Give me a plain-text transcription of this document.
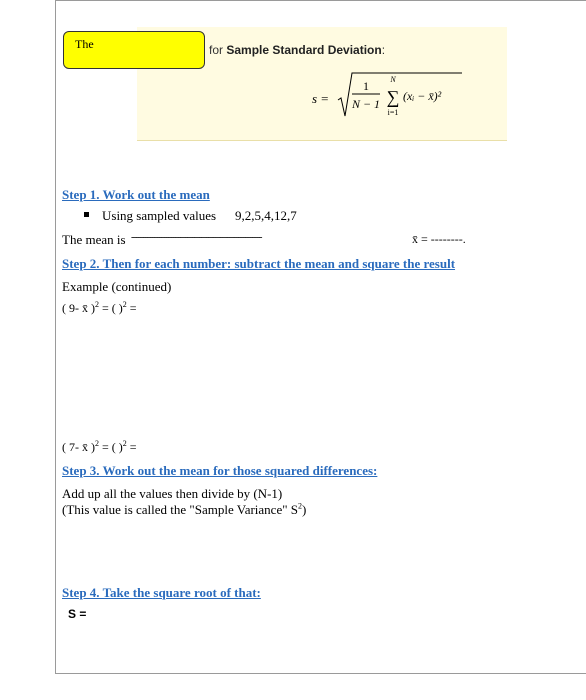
The	for Sample Standard Deviation:
s =
1
N − 1
N
∑
i=1
(xᵢ − x̄)²
Step 1. Work out the mean
Using sampled values 9,2,5,4,12,7
The mean is --------------------------------------------------------	x̄ = --------.
Step 2. Then for each number: subtract the mean and square the result
Example (continued)
( 9- x̄ )$^2$ = ( )$^2$ =
( 7- x̄ )$^2$ = ( )$^2$ =
Step 3. Work out the mean for those squared differences:
Add up all the values then divide by (N-1)
(This value is called the "Sample Variance" $S^2$)
Step 4. Take the square root of that:
S =
